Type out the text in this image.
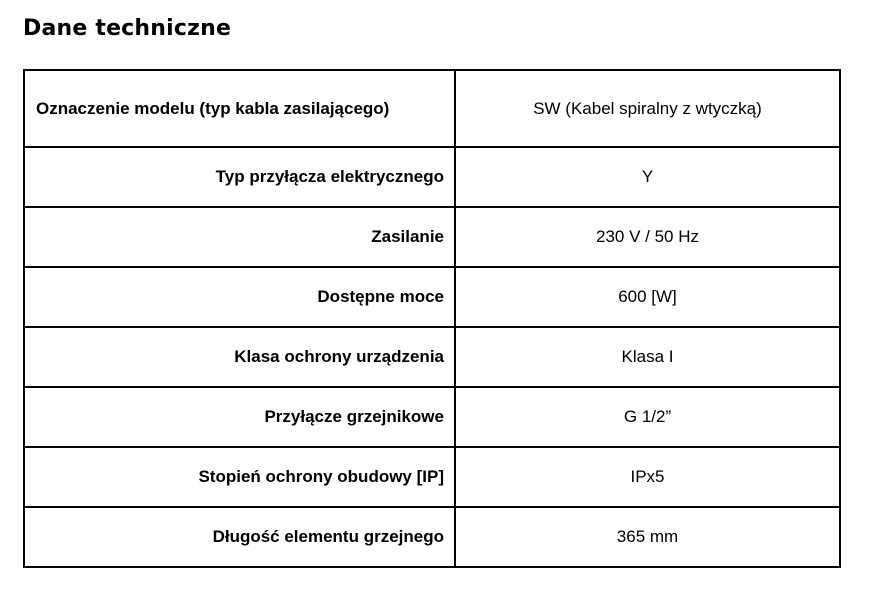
Dane techniczne
Oznaczenie modelu (typ kabla zasilającego)	SW (Kabel spiralny z wtyczką)
Typ przyłącza elektrycznego	Y
Zasilanie	230 V / 50 Hz
Dostępne moce	600 [W]
Klasa ochrony urządzenia	Klasa I
Przyłącze grzejnikowe	G 1/2”
Stopień ochrony obudowy [IP]	IPx5
Długość elementu grzejnego	365 mm
